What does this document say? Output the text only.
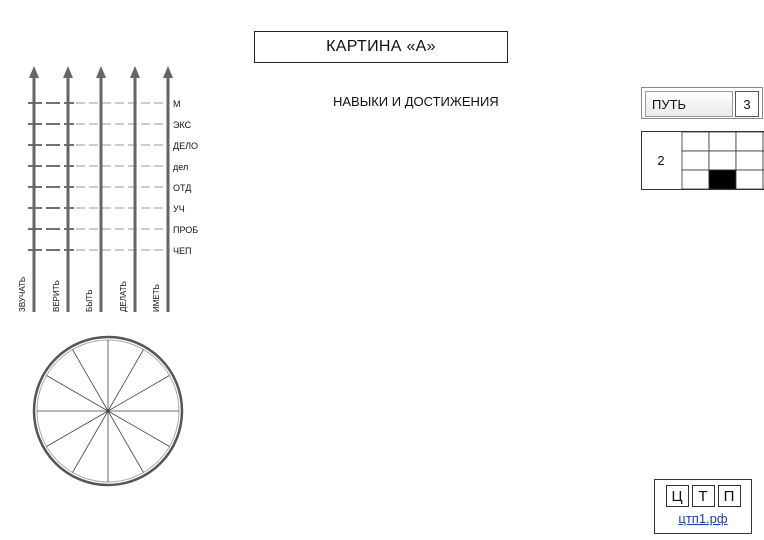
КАРТИНА «А»
НАВЫКИ И ДОСТИЖЕНИЯ
М
ЭКС
ДЕЛО
дел
ОТД
УЧ
ПРОБ
ЧЕП
ЗВУЧАТЬ	ВЕРИТЬ	БЫТЬ	ДЕЛАТЬ	ИМЕТЬ
ПУТЬ	3
2
Ц	Т	П
цтп1.рф
